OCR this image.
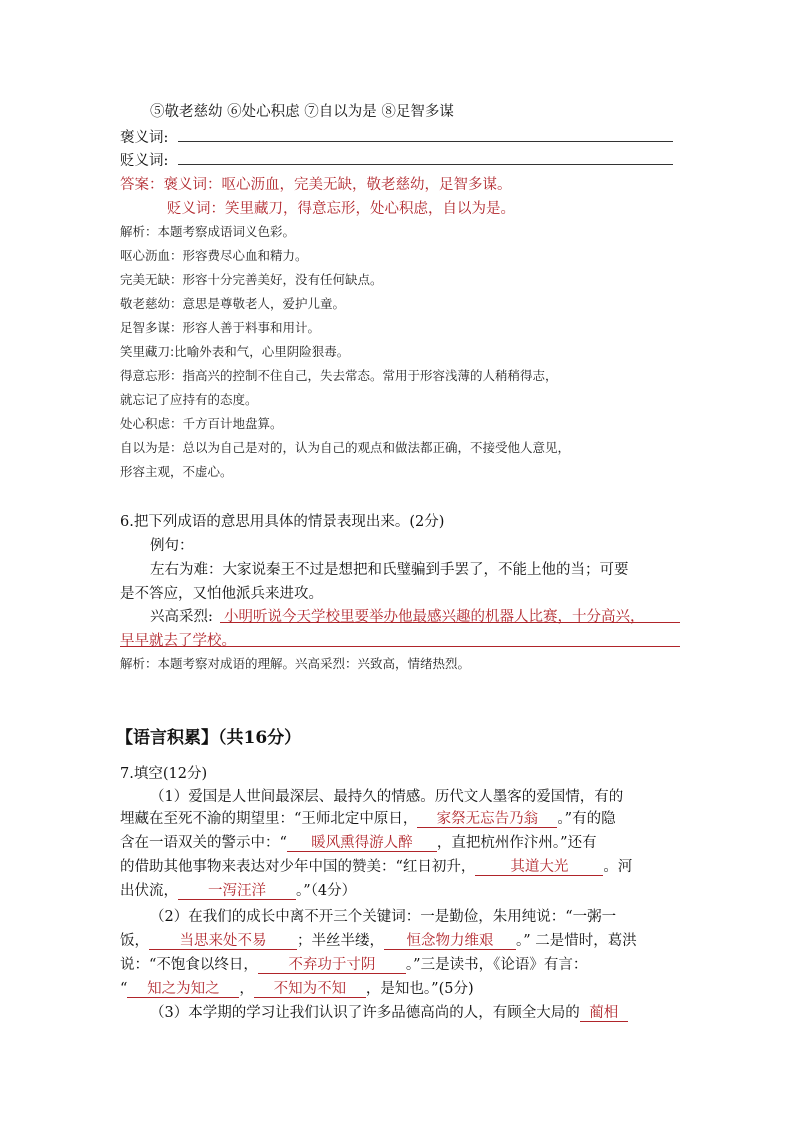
⑤敬老慈幼 ⑥处心积虑 ⑦自以为是 ⑧足智多谋
褒义词:
贬义词:
答案：褒义词：呕心沥血，完美无缺，敬老慈幼，足智多谋。
贬义词：笑里藏刀，得意忘形，处心积虑，自以为是。
解析：本题考察成语词义色彩。
呕心沥血：形容费尽心血和精力。
完美无缺：形容十分完善美好，没有任何缺点。
敬老慈幼：意思是尊敬老人，爱护儿童。
足智多谋：形容人善于料事和用计。
笑里藏刀:比喻外表和气，心里阴险狠毒。
得意忘形：指高兴的控制不住自己，失去常态。常用于形容浅薄的人稍稍得志，
就忘记了应持有的态度。
处心积虑：千方百计地盘算。
自以为是：总以为自己是对的，认为自己的观点和做法都正确，不接受他人意见，
形容主观，不虚心。
6.把下列成语的意思用具体的情景表现出来。(2分)
例句：
左右为难：大家说秦王不过是想把和氏璧骗到手罢了，不能上他的当；可要
是不答应，又怕他派兵来进攻。
兴高采烈: 小明听说今天学校里要举办他最感兴趣的机器人比赛，十分高兴，
早早就去了学校。
解析：本题考察对成语的理解。兴高采烈：兴致高，情绪热烈。
【语言积累】（共16分）
7.填空(12分)
（1）爱国是人世间最深层、最持久的情感。历代文人墨客的爱国情，有的
埋藏在至死不渝的期望里：“王师北定中原日， 家祭无忘告乃翁 。”有的隐
含在一语双关的警示中：“ 暖风熏得游人醉 ，直把杭州作汴州。”还有
的借助其他事物来表达对少年中国的赞美：“红日初升， 其道大光 。河
出伏流， 一泻汪洋 。”（4分）
（2）在我们的成长中离不开三个关键词：一是勤俭，朱用纯说：“一粥一
饭， 当思来处不易 ；半丝半缕， 恒念物力维艰 。” 二是惜时，葛洪
说：“不饱食以终日， 不弃功于寸阴 。”三是读书，《论语》有言：
“ 知之为知之 ， 不知为不知 ，是知也。”(5分)
（3）本学期的学习让我们认识了许多品德高尚的人，有顾全大局的 蔺相
